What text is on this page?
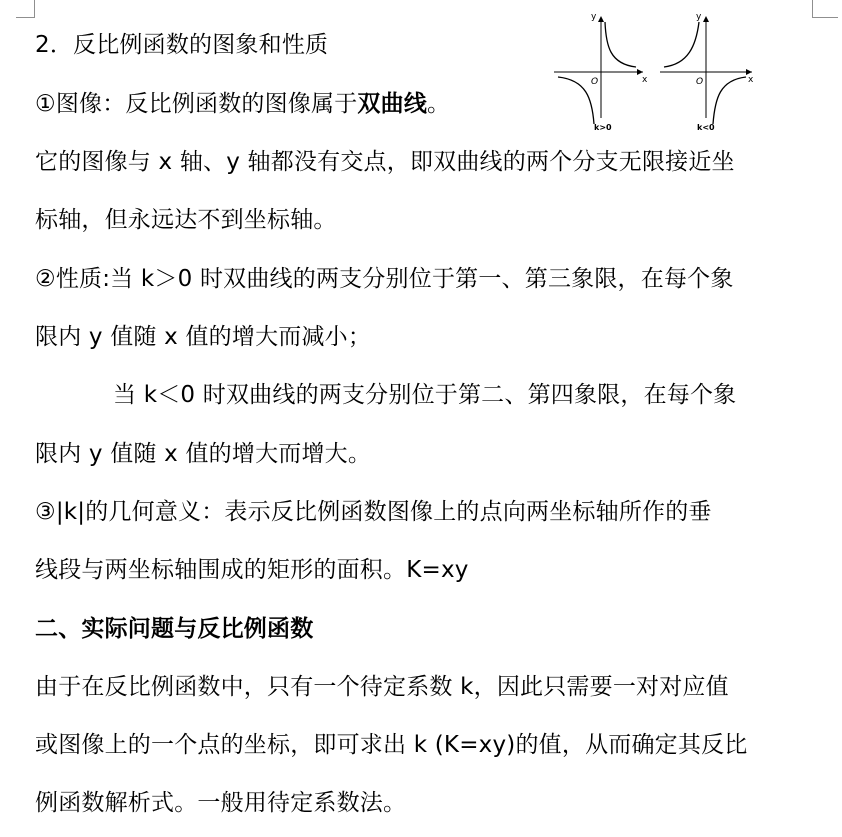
2．反比例函数的图象和性质
①图像：反比例函数的图像属于双曲线。
它的图像与 x 轴、y 轴都没有交点，即双曲线的两个分支无限接近坐
标轴，但永远达不到坐标轴。
②性质:当 k＞0 时双曲线的两支分别位于第一、第三象限，在每个象
限内 y 值随 x 值的增大而减小；
当 k＜0 时双曲线的两支分别位于第二、第四象限，在每个象
限内 y 值随 x 值的增大而增大。
③|k|的几何意义：表示反比例函数图像上的点向两坐标轴所作的垂
线段与两坐标轴围成的矩形的面积。K=xy
二、实际问题与反比例函数
由于在反比例函数中，只有一个待定系数 k，因此只需要一对对应值
或图像上的一个点的坐标，即可求出 k (K=xy)的值，从而确定其反比
例函数解析式。一般用待定系数法。
y
x
O
k>0
y
x
O
k<0
